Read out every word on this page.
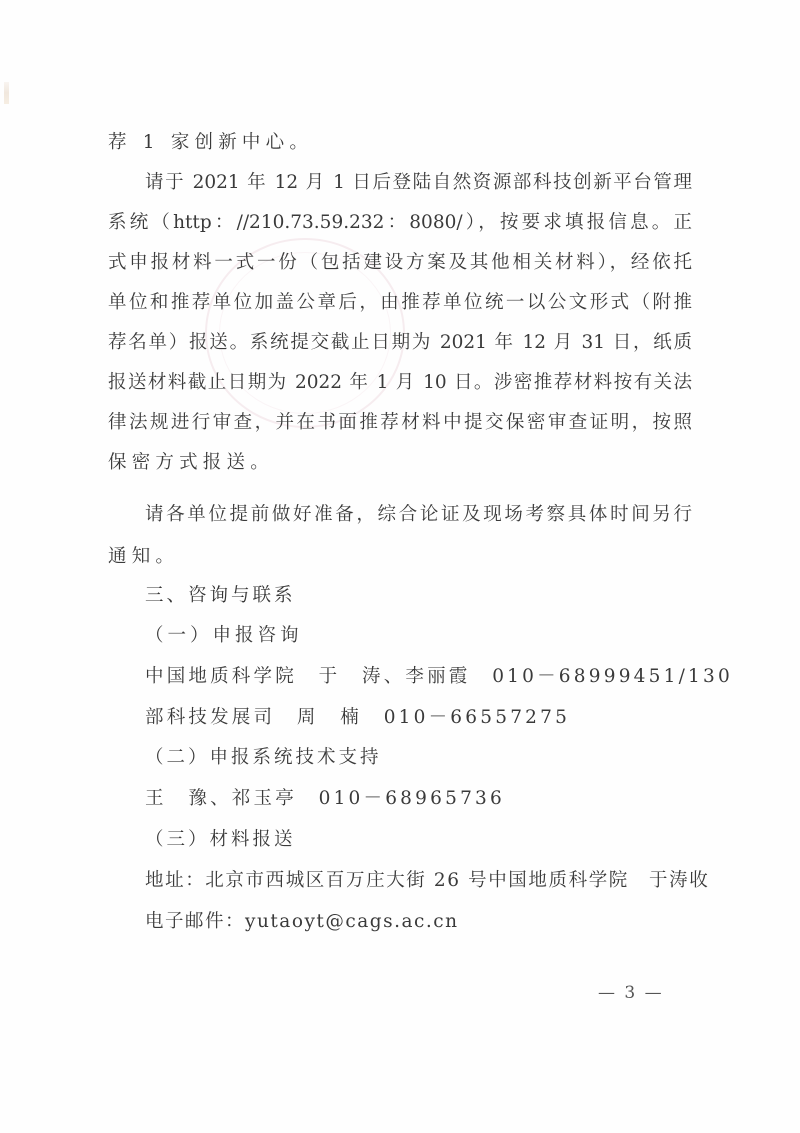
荐 1 家创新中心。
请于 2021 年 12 月 1 日后登陆自然资源部科技创新平台管理
系统（http：//210.73.59.232：8080/），按要求填报信息。正
式申报材料一式一份（包括建设方案及其他相关材料），经依托
单位和推荐单位加盖公章后，由推荐单位统一以公文形式（附推
荐名单）报送。系统提交截止日期为 2021 年 12 月 31 日，纸质
报送材料截止日期为 2022 年 1 月 10 日。涉密推荐材料按有关法
律法规进行审查，并在书面推荐材料中提交保密审查证明，按照
保密方式报送。
请各单位提前做好准备，综合论证及现场考察具体时间另行
通知。
三、咨询与联系
（一）申报咨询
中国地质科学院　于　涛、李丽霞　010－68999451/130
部科技发展司　周　楠　010－66557275
（二）申报系统技术支持
王　豫、祁玉亭　010－68965736
（三）材料报送
地址：北京市西城区百万庄大街 26 号中国地质科学院　于涛收
电子邮件：yutaoyt@cags.ac.cn
— 3 —
